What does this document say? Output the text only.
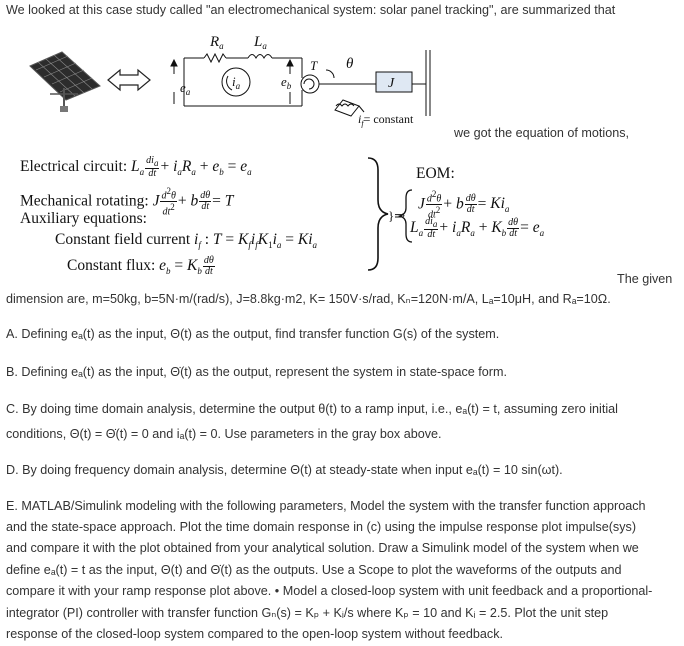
We looked at this case study called "an electromechanical system: solar panel tracking", are summarized that
$R_a$ $L_a$
$e_a$
$i_a$	$e_b$
T θ
J
$i_f=$ constant
we got the equation of motions,
Electrical circuit: $L_a \frac{di_a}{dt} + i_aR_a + e_b = e_a$
Mechanical rotating: J $\frac{d^2\theta}{dt^2} + b \frac{d\theta}{dt} = T$
Auxiliary equations:
Constant field current $i_f$ : $T = K_fi_fK_1i_a = Ki_a$
Constant flux: $e_b = K_b \frac{d\theta}{dt}$
}⇒
EOM:
J $\frac{d^2\theta}{dt^2} + b \frac{d\theta}{dt} = Ki_a$
$L_a \frac{di_a}{dt} + i_aR_a + K_b \frac{d\theta}{dt} = e_a$
The given
dimension are, m=50kg, b=5N·m/(rad/s), J=8.8kg·m2, K= 150V·s/rad, Kₙ=120N·m/A, Lₐ=10μH, and Rₐ=10Ω.
A. Defining eₐ(t) as the input, Θ(t) as the output, find transfer function G(s) of the system.
B. Defining eₐ(t) as the input, Θ̇(t) as the output, represent the system in state-space form.
C. By doing time domain analysis, determine the output θ(t) to a ramp input, i.e., eₐ(t) = t, assuming zero initial
conditions, Θ(t) = Θ̇(t) = 0 and iₐ(t) = 0. Use parameters in the gray box above.
D. By doing frequency domain analysis, determine Θ(t) at steady-state when input eₐ(t) = 10 sin(ωt).
E. MATLAB/Simulink modeling with the following parameters, Model the system with the transfer function approach
and the state-space approach. Plot the time domain response in (c) using the impulse response plot impulse(sys)
and compare it with the plot obtained from your analytical solution. Draw a Simulink model of the system when we
define eₐ(t) = t as the input, Θ(t) and Θ̇(t) as the outputs. Use a Scope to plot the waveforms of the outputs and
compare it with your ramp response plot above. • Model a closed-loop system with unit feedback and a proportional-
integrator (PI) controller with transfer function Gₙ(s) = Kₚ + Kᵢ/s where Kₚ = 10 and Kᵢ = 2.5. Plot the unit step
response of the closed-loop system compared to the open-loop system without feedback.
